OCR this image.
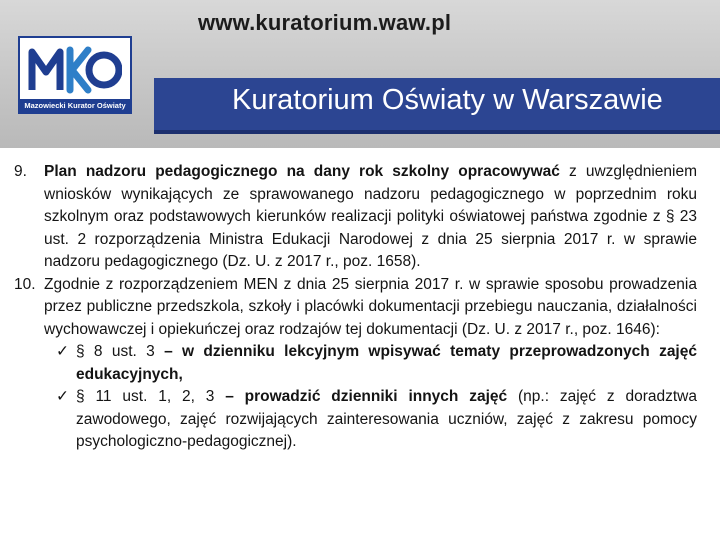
www.kuratorium.waw.pl
Mazowiecki Kurator Oświaty	Kuratorium Oświaty w Warszawie
9. Plan nadzoru pedagogicznego na dany rok szkolny opracowywać z uwzględnieniem wniosków wynikających ze sprawowanego nadzoru pedagogicznego w poprzednim roku szkolnym oraz podstawowych kierunków realizacji polityki oświatowej państwa zgodnie z § 23 ust. 2 rozporządzenia Ministra Edukacji Narodowej z dnia 25 sierpnia 2017 r. w sprawie nadzoru pedagogicznego (Dz. U. z 2017 r., poz. 1658).
10. Zgodnie z rozporządzeniem MEN z dnia 25 sierpnia 2017 r. w sprawie sposobu prowadzenia przez publiczne przedszkola, szkoły i placówki dokumentacji przebiegu nauczania, działalności wychowawczej i opiekuńczej oraz rodzajów tej dokumentacji (Dz. U. z 2017 r., poz. 1646):
✓ § 8 ust. 3 – w dzienniku lekcyjnym wpisywać tematy przeprowadzonych zajęć edukacyjnych,
✓ § 11 ust. 1, 2, 3 – prowadzić dzienniki innych zajęć (np.: zajęć z doradztwa zawodowego, zajęć rozwijających zainteresowania uczniów, zajęć z zakresu pomocy psychologiczno-pedagogicznej).
